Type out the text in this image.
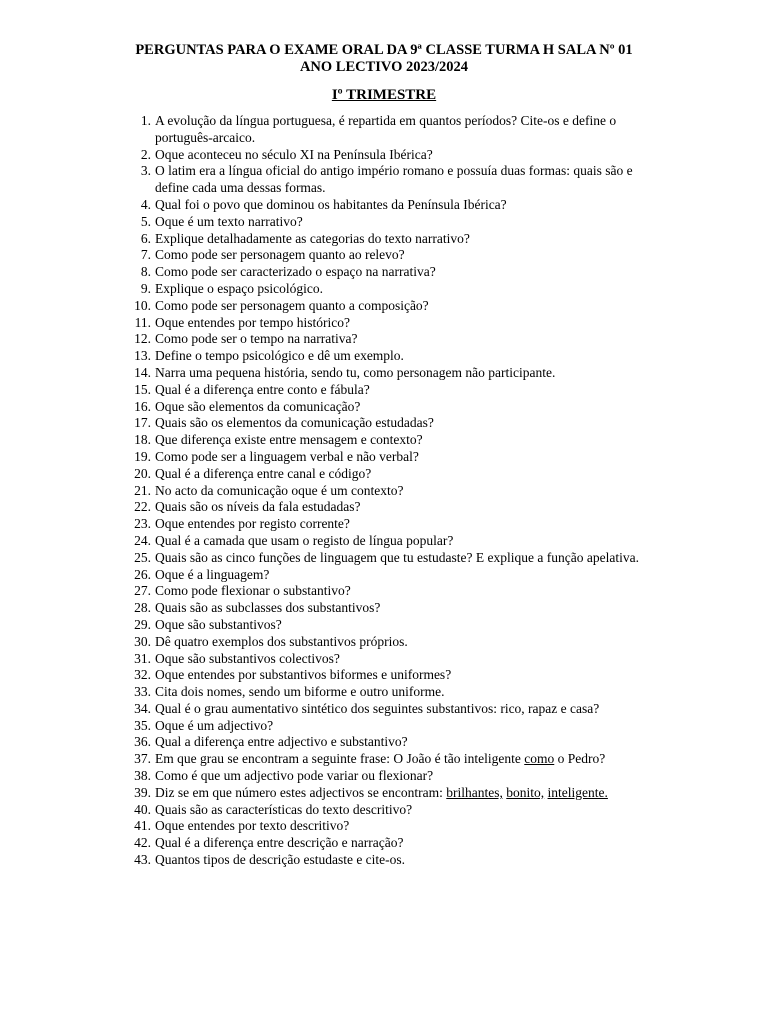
PERGUNTAS PARA O EXAME ORAL DA 9ª CLASSE TURMA H SALA Nº 01
ANO LECTIVO 2023/2024
Iº TRIMESTRE
1. A evolução da língua portuguesa, é repartida em quantos períodos? Cite-os e define o português-arcaico.
2. Oque aconteceu no século XI na Península Ibérica?
3. O latim era a língua oficial do antigo império romano e possuía duas formas: quais são e define cada uma dessas formas.
4. Qual foi o povo que dominou os habitantes da Península Ibérica?
5. Oque é um texto narrativo?
6. Explique detalhadamente as categorias do texto narrativo?
7. Como pode ser personagem quanto ao relevo?
8. Como pode ser caracterizado o espaço na narrativa?
9. Explique o espaço psicológico.
10. Como pode ser personagem quanto a composição?
11. Oque entendes por tempo histórico?
12. Como pode ser o tempo na narrativa?
13. Define o tempo psicológico e dê um exemplo.
14. Narra uma pequena história, sendo tu, como personagem não participante.
15. Qual é a diferença entre conto e fábula?
16. Oque são elementos da comunicação?
17. Quais são os elementos da comunicação estudadas?
18. Que diferença existe entre mensagem e contexto?
19. Como pode ser a linguagem verbal e não verbal?
20. Qual é a diferença entre canal e código?
21. No acto da comunicação oque é um contexto?
22. Quais são os níveis da fala estudadas?
23. Oque entendes por registo corrente?
24. Qual é a camada que usam o registo de língua popular?
25. Quais são as cinco funções de linguagem que tu estudaste? E explique a função apelativa.
26. Oque é a linguagem?
27. Como pode flexionar o substantivo?
28. Quais são as subclasses dos substantivos?
29. Oque são substantivos?
30. Dê quatro exemplos dos substantivos próprios.
31. Oque são substantivos colectivos?
32. Oque entendes por substantivos biformes e uniformes?
33. Cita dois nomes, sendo um biforme e outro uniforme.
34. Qual é o grau aumentativo sintético dos seguintes substantivos: rico, rapaz e casa?
35. Oque é um adjectivo?
36. Qual a diferença entre adjectivo e substantivo?
37. Em que grau se encontram a seguinte frase: O João é tão inteligente como o Pedro?
38. Como é que um adjectivo pode variar ou flexionar?
39. Diz se em que número estes adjectivos se encontram: brilhantes, bonito, inteligente.
40. Quais são as características do texto descritivo?
41. Oque entendes por texto descritivo?
42. Qual é a diferença entre descrição e narração?
43. Quantos tipos de descrição estudaste e cite-os.
